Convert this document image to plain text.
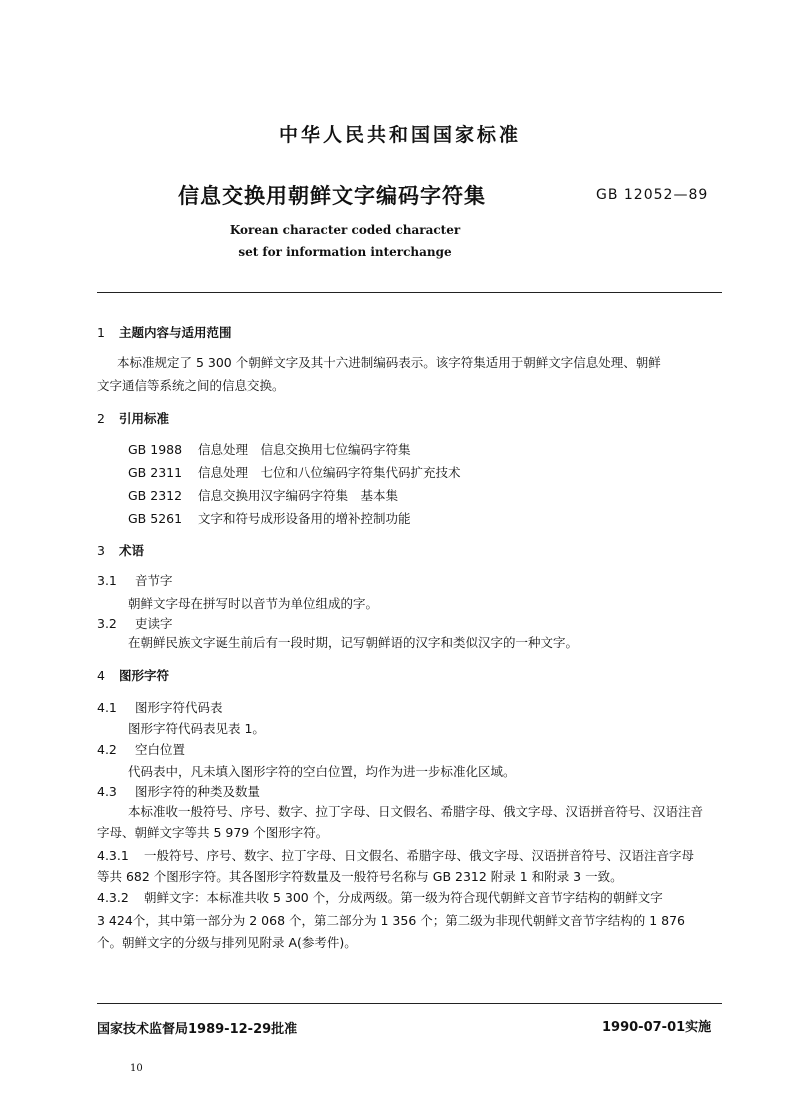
中华人民共和国国家标准
信息交换用朝鲜文字编码字符集	GB 12052—89
Korean character coded character
set for information interchange
1 主题内容与适用范围
本标准规定了 5 300 个朝鲜文字及其十六进制编码表示。该字符集适用于朝鲜文字信息处理、朝鲜
文字通信等系统之间的信息交换。
2 引用标准
GB 1988 信息处理　信息交换用七位编码字符集
GB 2311 信息处理　七位和八位编码字符集代码扩充技术
GB 2312 信息交换用汉字编码字符集　基本集
GB 5261 文字和符号成形设备用的增补控制功能
3 术语
3.1 音节字
朝鲜文字母在拼写时以音节为单位组成的字。
3.2 吏读字
在朝鲜民族文字诞生前后有一段时期，记写朝鲜语的汉字和类似汉字的一种文字。
4 图形字符
4.1 图形字符代码表
图形字符代码表见表 1。
4.2 空白位置
代码表中，凡未填入图形字符的空白位置，均作为进一步标准化区域。
4.3 图形字符的种类及数量
本标准收一般符号、序号、数字、拉丁字母、日文假名、希腊字母、俄文字母、汉语拼音符号、汉语注音
字母、朝鲜文字等共 5 979 个图形字符。
4.3.1 一般符号、序号、数字、拉丁字母、日文假名、希腊字母、俄文字母、汉语拼音符号、汉语注音字母
等共 682 个图形字符。其各图形字符数量及一般符号名称与 GB 2312 附录 1 和附录 3 一致。
4.3.2 朝鲜文字：本标准共收 5 300 个，分成两级。第一级为符合现代朝鲜文音节字结构的朝鲜文字
3 424个，其中第一部分为 2 068 个，第二部分为 1 356 个；第二级为非现代朝鲜文音节字结构的 1 876
个。朝鲜文字的分级与排列见附录 A(参考件)。
国家技术监督局1989-12-29批准	1990-07-01实施
10
